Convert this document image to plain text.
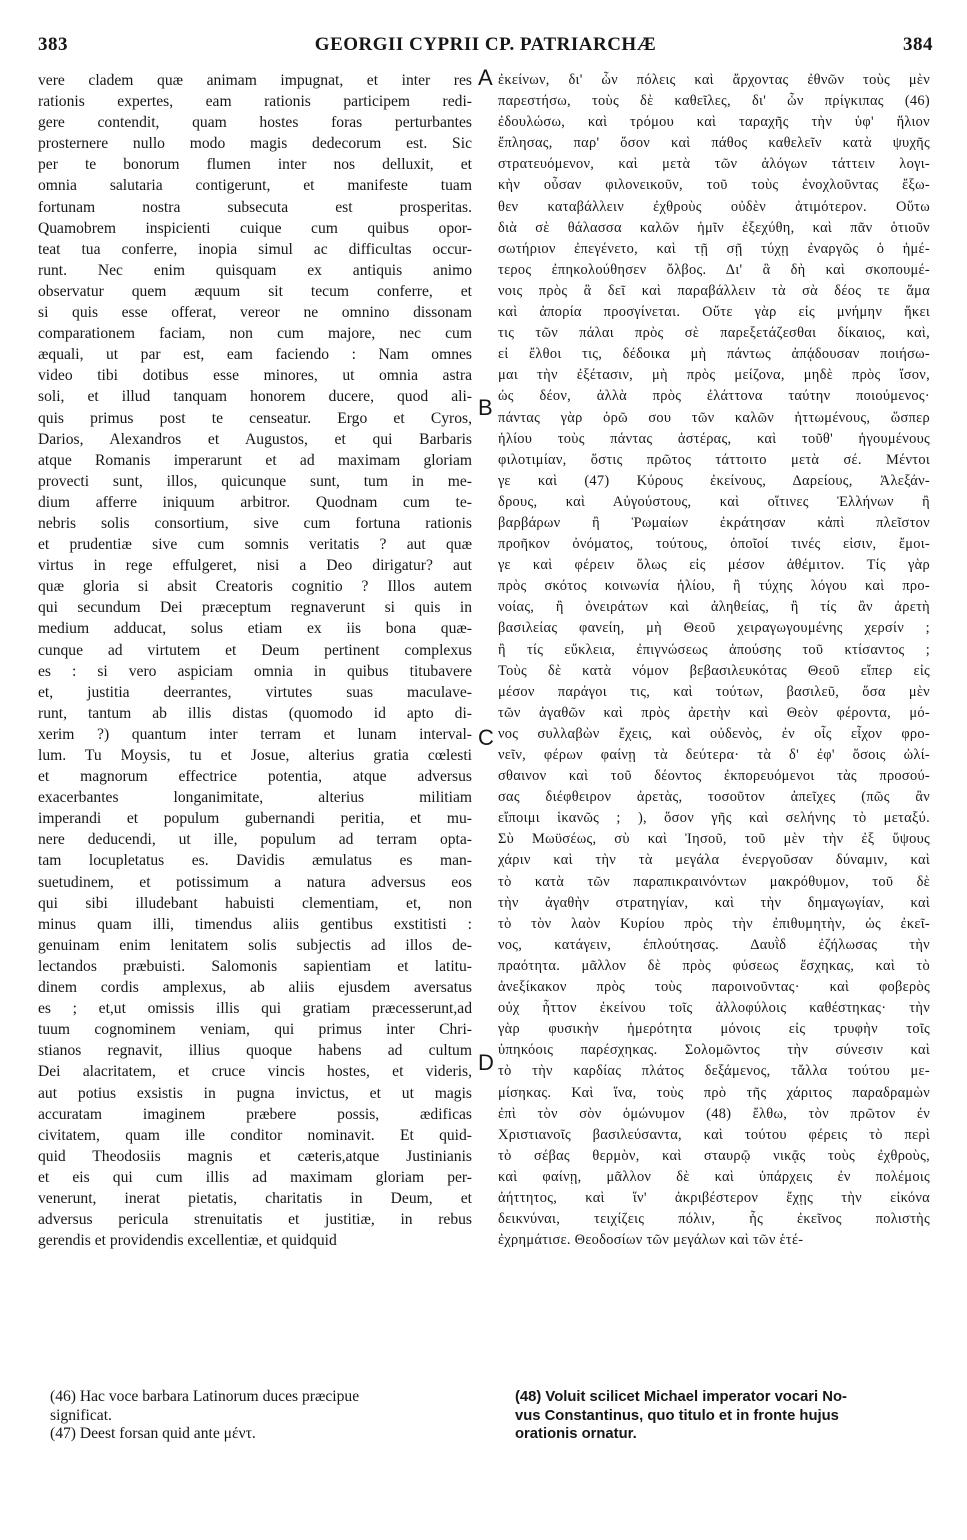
383	GEORGII CYPRII CP. PATRIARCHÆ	384
vere cladem quæ animam impugnat, et inter res
rationis expertes, eam rationis participem redi-
gere contendit, quam hostes foras perturbantes
prosternere nullo modo magis dedecorum est. Sic
per te bonorum flumen inter nos delluxit, et
omnia salutaria contigerunt, et manifeste tuam
fortunam nostra subsecuta est prosperitas.
Quamobrem inspicienti cuique cum quibus opor-
teat tua conferre, inopia simul ac difficultas occur-
runt. Nec enim quisquam ex antiquis animo
observatur quem æquum sit tecum conferre, et
si quis esse offerat, vereor ne omnino dissonam
comparationem faciam, non cum majore, nec cum
æquali, ut par est, eam faciendo : Nam omnes
video tibi dotibus esse minores, ut omnia astra
soli, et illud tanquam honorem ducere, quod ali-
quis primus post te censeatur. Ergo et Cyros,
Darios, Alexandros et Augustos, et qui Barbaris
atque Romanis imperarunt et ad maximam gloriam
provecti sunt, illos, quicunque sunt, tum in me-
dium afferre iniquum arbitror. Quodnam cum te-
nebris solis consortium, sive cum fortuna rationis
et prudentiæ sive cum somnis veritatis ? aut quæ
virtus in rege effulgeret, nisi a Deo dirigatur? aut
quæ gloria si absit Creatoris cognitio ? Illos autem
qui secundum Dei præceptum regnaverunt si quis in
medium adducat, solus etiam ex iis bona quæ-
cunque ad virtutem et Deum pertinent complexus
es : si vero aspiciam omnia in quibus titubavere
et, justitia deerrantes, virtutes suas maculave-
runt, tantum ab illis distas (quomodo id apto di-
xerim ?) quantum inter terram et lunam interval-
lum. Tu Moysis, tu et Josue, alterius gratia cœlesti
et magnorum effectrice potentia, atque adversus
exacerbantes longanimitate, alterius militiam
imperandi et populum gubernandi peritia, et mu-
nere deducendi, ut ille, populum ad terram opta-
tam locupletatus es. Davidis æmulatus es man-
suetudinem, et potissimum a natura adversus eos
qui sibi illudebant habuisti clementiam, et, non
minus quam illi, timendus aliis gentibus exstitisti :
genuinam enim lenitatem solis subjectis ad illos de-
lectandos præbuisti. Salomonis sapientiam et latitu-
dinem cordis amplexus, ab aliis ejusdem aversatus
es ; et,ut omissis illis qui gratiam præcesserunt,ad
tuum cognominem veniam, qui primus inter Chri-
stianos regnavit, illius quoque habens ad cultum
Dei alacritatem, et cruce vincis hostes, et videris,
aut potius exsistis in pugna invictus, et ut magis
accuratam imaginem præbere possis, ædificas
civitatem, quam ille conditor nominavit. Et quid-
quid Theodosiis magnis et cæteris,atque Justinianis
et eis qui cum illis ad maximam gloriam per-
venerunt, inerat pietatis, charitatis in Deum, et
adversus pericula strenuitatis et justitiæ, in rebus
gerendis et providendis excellentiæ, et quidquid
ἐκείνων, δι' ὧν πόλεις καὶ ἄρχοντας ἐθνῶν τοὺς μὲν
παρεστήσω, τοὺς δὲ καθεῖλες, δι' ὧν πρίγκιπας (46)
ἐδουλώσω, καὶ τρόμου καὶ ταραχῆς τὴν ὑφ' ἥλιον
ἔπλησας, παρ' ὅσον καὶ πάθος καθελεῖν κατὰ ψυχῆς
στρατευόμενον, καὶ μετὰ τῶν ἀλόγων τάττειν λογι-
κὴν οὖσαν φιλονεικοῦν, τοῦ τοὺς ἐνοχλοῦντας ἔξω-
θεν καταβάλλειν ἐχθροὺς οὐδὲν ἀτιμότερον. Οὕτω
διὰ σὲ θάλασσα καλῶν ἡμῖν ἐξεχύθη, καὶ πᾶν ὁτιοῦν
σωτήριον ἐπεγένετο, καὶ τῇ σῇ τύχῃ ἐναργῶς ὁ ἡμέ-
τερος ἐπηκολούθησεν ὄλβος. Δι' ἃ δὴ καὶ σκοπουμέ-
νοις πρὸς ἃ δεῖ καὶ παραβάλλειν τὰ σὰ δέος τε ἅμα
καὶ ἀπορία προσγίνεται. Οὔτε γὰρ εἰς μνήμην ἥκει
τις τῶν πάλαι πρὸς σὲ παρεξετάζεσθαι δίκαιος, καὶ,
εἰ ἔλθοι τις, δέδοικα μὴ πάντως ἀπᾴδουσαν ποιήσω-
μαι τὴν ἐξέτασιν, μὴ πρὸς μείζονα, μηδὲ πρὸς ἴσον,
ὡς δέον, ἀλλὰ πρὸς ἐλάττονα ταύτην ποιούμενος·
πάντας γὰρ ὁρῶ σου τῶν καλῶν ἡττωμένους, ὥσπερ
ἡλίου τοὺς πάντας ἀστέρας, καὶ τοῦθ' ἡγουμένους
φιλοτιμίαν, ὅστις πρῶτος τάττοιτο μετὰ σέ. Μέντοι
γε καὶ (47) Κύρους ἐκείνους, Δαρείους, Ἀλεξάν-
δρους, καὶ Αὐγούστους, καὶ οἵτινες Ἑλλήνων ἢ
βαρβάρων ἢ Ῥωμαίων ἐκράτησαν κἀπὶ πλεῖστον
προῆκον ὀνόματος, τούτους, ὁποῖοί τινές εἰσιν, ἔμοι-
γε καὶ φέρειν ὅλως εἰς μέσον ἀθέμιτον. Τίς γὰρ
πρὸς σκότος κοινωνία ἡλίου, ἢ τύχης λόγου καὶ προ-
νοίας, ἢ ὀνειράτων καὶ ἀληθείας, ἢ τίς ἂν ἀρετὴ
βασιλείας φανείη, μὴ Θεοῦ χειραγωγουμένης χερσίν ;
ἢ τίς εὔκλεια, ἐπιγνώσεως ἀπούσης τοῦ κτίσαντος ;
Τοὺς δὲ κατὰ νόμον βεβασιλευκότας Θεοῦ εἴπερ εἰς
μέσον παράγοι τις, καὶ τούτων, βασιλεῦ, ὅσα μὲν
τῶν ἀγαθῶν καὶ πρὸς ἀρετὴν καὶ Θεὸν φέροντα, μό-
νος συλλαβὼν ἔχεις, καὶ οὐδενὸς, ἐν οἷς εἶχον φρο-
νεῖν, φέρων φαίνῃ τὰ δεύτερα· τὰ δ' ἐφ' ὅσοις ὠλί-
σθαινον καὶ τοῦ δέοντος ἐκπορευόμενοι τὰς προσού-
σας διέφθειρον ἀρετὰς, τοσοῦτον ἀπεῖχες (πῶς ἂν
εἴποιμι ἱκανῶς ; ), ὅσον γῆς καὶ σελήνης τὸ μεταξύ.
Σὺ Μωϋσέως, σὺ καὶ Ἰησοῦ, τοῦ μὲν τὴν ἐξ ὕψους
χάριν καὶ τὴν τὰ μεγάλα ἐνεργοῦσαν δύναμιν, καὶ
τὸ κατὰ τῶν παραπικραινόντων μακρόθυμον, τοῦ δὲ
τὴν ἀγαθὴν στρατηγίαν, καὶ τὴν δημαγωγίαν, καὶ
τὸ τὸν λαὸν Κυρίου πρὸς τὴν ἐπιθυμητὴν, ὡς ἐκεῖ-
νος, κατάγειν, ἐπλούτησας. Δαυῒδ ἐζήλωσας τὴν
πραότητα. μᾶλλον δὲ πρὸς φύσεως ἔσχηκας, καὶ τὸ
ἀνεξίκακον πρὸς τοὺς παροινοῦντας· καὶ φοβερὸς
οὐχ ἧττον ἐκείνου τοῖς ἀλλοφύλοις καθέστηκας· τὴν
γὰρ φυσικὴν ἡμερότητα μόνοις εἰς τρυφὴν τοῖς
ὑπηκόοις παρέσχηκας. Σολομῶντος τὴν σύνεσιν καὶ
τὸ τὴν καρδίας πλάτος δεξάμενος, τἄλλα τούτου με-
μίσηκας. Καὶ ἵνα, τοὺς πρὸ τῆς χάριτος παραδραμὼν
ἐπὶ τὸν σὸν ὁμώνυμον (48) ἔλθω, τὸν πρῶτον ἐν
Χριστιανοῖς βασιλεύσαντα, καὶ τούτου φέρεις τὸ περὶ
τὸ σέβας θερμὸν, καὶ σταυρῷ νικᾷς τοὺς ἐχθροὺς,
καὶ φαίνῃ, μᾶλλον δὲ καὶ ὑπάρχεις ἐν πολέμοις
ἀήττητος, καὶ ἵν' ἀκριβέστερον ἔχῃς τὴν εἰκόνα
δεικνύναι, τειχίζεις πόλιν, ἧς ἐκεῖνος πολιστὴς
ἐχρημάτισε. Θεοδοσίων τῶν μεγάλων καὶ τῶν ἑτέ-
A
B
C
D
(46) Hac voce barbara Latinorum duces præcipue
significat.
(47) Deest forsan quid ante μέντ.
(48) Voluit scilicet Michael imperator vocari No-
vus Constantinus, quo titulo et in fronte hujus
orationis ornatur.
